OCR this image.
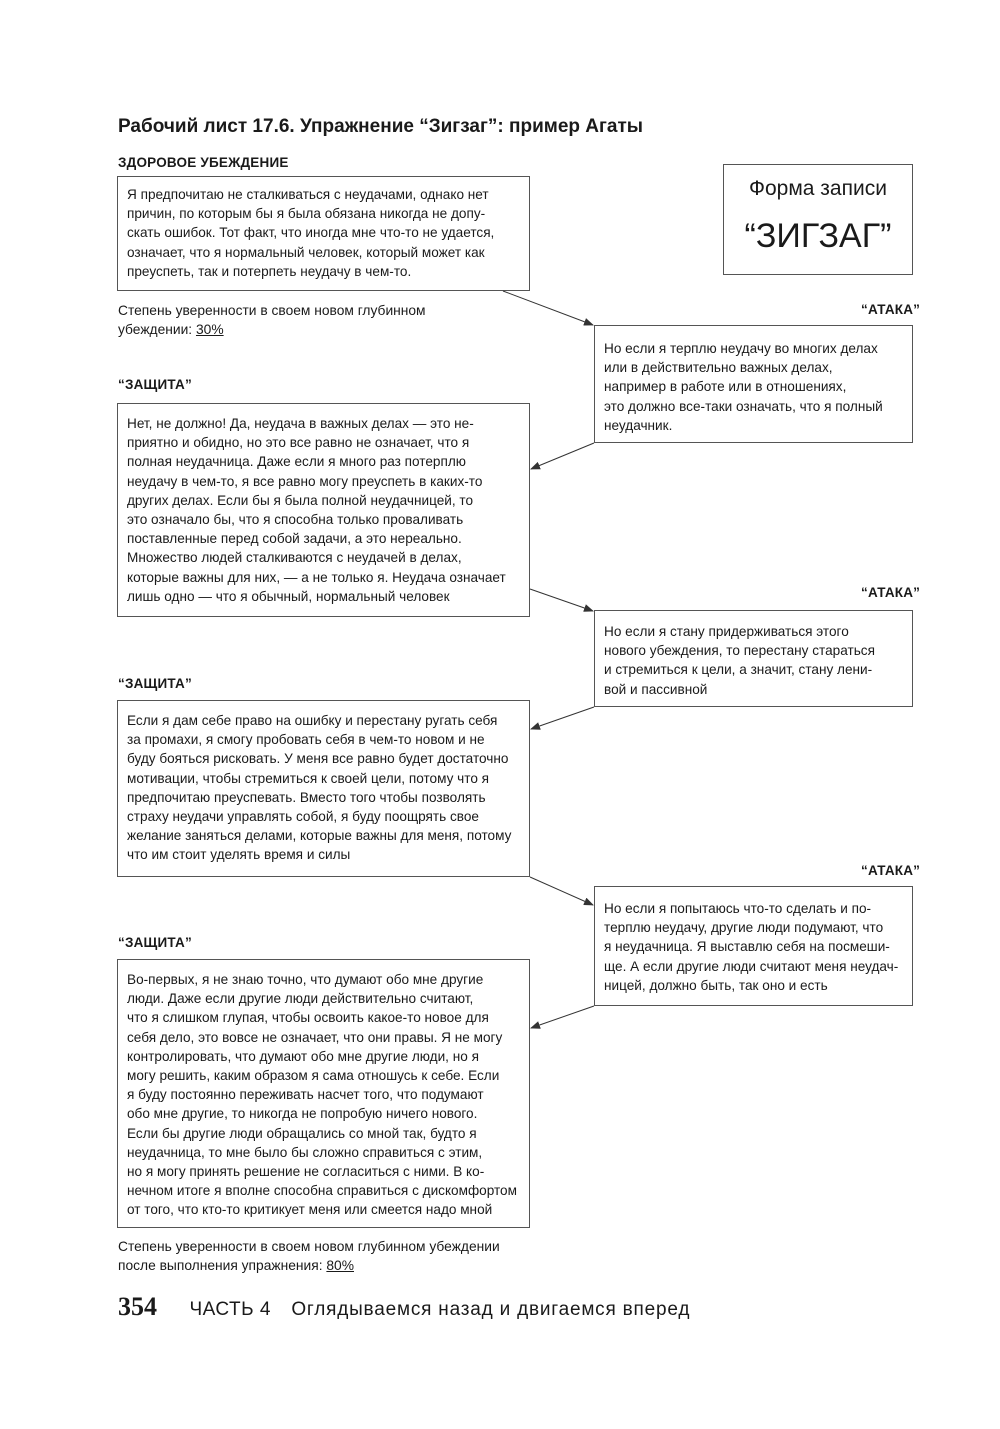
Рабочий лист 17.6. Упражнение “Зигзаг”: пример Агаты
ЗДОРОВОЕ УБЕЖДЕНИЕ
Форма записи
“ЗИГЗАГ”
Я предпочитаю не сталкиваться с неудачами, однако нет
причин, по которым бы я была обязана никогда не допу-
скать ошибок. Тот факт, что иногда мне что-то не удается,
означает, что я нормальный человек, который может как
преуспеть, так и потерпеть неудачу в чем-то.
Степень уверенности в своем новом глубинном
убеждении: 30%
“АТАКА”
Но если я терплю неудачу во многих делах
или в действительно важных делах,
например в работе или в отношениях,
это должно все-таки означать, что я полный
неудачник.
“ЗАЩИТА”
Нет, не должно! Да, неудача в важных делах — это не-
приятно и обидно, но это все равно не означает, что я
полная неудачница. Даже если я много раз потерплю
неудачу в чем-то, я все равно могу преуспеть в каких-то
других делах. Если бы я была полной неудачницей, то
это означало бы, что я способна только проваливать
поставленные перед собой задачи, а это нереально.
Множество людей сталкиваются с неудачей в делах,
которые важны для них, — а не только я. Неудача означает
лишь одно — что я обычный, нормальный человек	“АТАКА”
Но если я стану придерживаться этого
нового убеждения, то перестану стараться
и стремиться к цели, а значит, стану лени-
вой и пассивной
“ЗАЩИТА”
Если я дам себе право на ошибку и перестану ругать себя
за промахи, я смогу пробовать себя в чем-то новом и не
буду бояться рисковать. У меня все равно будет достаточно
мотивации, чтобы стремиться к своей цели, потому что я
предпочитаю преуспевать. Вместо того чтобы позволять
страху неудачи управлять собой, я буду поощрять свое
желание заняться делами, которые важны для меня, потому
что им стоит уделять время и силы
“АТАКА”
Но если я попытаюсь что-то сделать и по-
терплю неудачу, другие люди подумают, что
я неудачница. Я выставлю себя на посмеши-
ще. А если другие люди считают меня неудач-
ницей, должно быть, так оно и есть
“ЗАЩИТА”
Во-первых, я не знаю точно, что думают обо мне другие
люди. Даже если другие люди действительно считают,
что я слишком глупая, чтобы освоить какое-то новое для
себя дело, это вовсе не означает, что они правы. Я не могу
контролировать, что думают обо мне другие люди, но я
могу решить, каким образом я сама отношусь к себе. Если
я буду постоянно переживать насчет того, что подумают
обо мне другие, то никогда не попробую ничего нового.
Если бы другие люди обращались со мной так, будто я
неудачница, то мне было бы сложно справиться с этим,
но я могу принять решение не согласиться с ними. В ко-
нечном итоге я вполне способна справиться с дискомфортом
от того, что кто-то критикует меня или смеется надо мной
Степень уверенности в своем новом глубинном убеждении
после выполнения упражнения: 80%
354 ЧАСТЬ 4 Оглядываемся назад и двигаемся вперед
